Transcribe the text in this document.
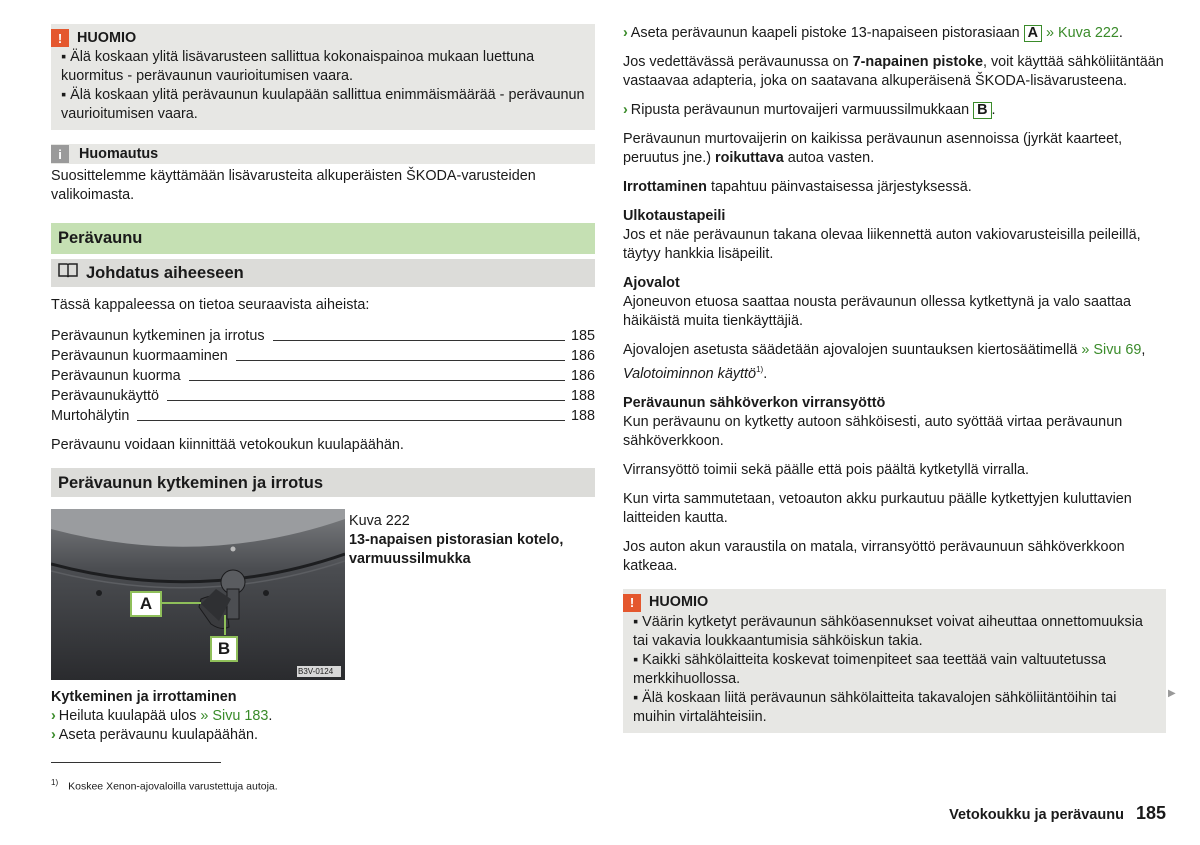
!	HUOMIO

▪ Älä koskaan ylitä lisävarusteen sallittua kokonaispainoa mukaan luettuna kuormitus - perävaunun vaurioitumisen vaara.

▪ Älä koskaan ylitä perävaunun kuulapään sallittua enimmäismäärää - perävaunun vaurioitumisen vaara.

i	Huomautus

Suosittelemme käyttämään lisävarusteita alkuperäisten ŠKODA-varusteiden valikoimasta.

Perävaunu
Johdatus aiheeseen

Tässä kappaleessa on tietoa seuraavista aiheista:

Perävaunun kytkeminen ja irrotus	185
Perävaunun kuormaaminen	186
Perävaunun kuorma	186
Perävaunukäyttö	188
Murtohälytin	188

Perävaunu voidaan kiinnittää vetokoukun kuulapäähän.

Perävaunun kytkeminen ja irrotus
A
B
B3V-0124

Kuva 222

13-napaisen pistorasian kotelo, varmuussilmukka

Kytkeminen ja irrottaminen

› Heiluta kuulapää ulos » Sivu 183.

› Aseta perävaunu kuulapäähän.

› Aseta perävaunun kaapeli pistoke 13-napaiseen pistorasiaan A » Kuva 222.

Jos vedettävässä perävaunussa on 7-napainen pistoke, voit käyttää sähköliitäntään vastaavaa adapteria, joka on saatavana alkuperäisenä ŠKODA-lisävarusteena.

› Ripusta perävaunun murtovaijeri varmuussilmukkaan B .

Perävaunun murtovaijerin on kaikissa perävaunun asennoissa (jyrkät kaarteet, peruutus jne.) roikuttava autoa vasten.

Irrottaminen tapahtuu päinvastaisessa järjestyksessä.

Ulkotaustapeili

Jos et näe perävaunun takana olevaa liikennettä auton vakiovarusteisilla peileillä, täytyy hankkia lisäpeilit.

Ajovalot

Ajoneuvon etuosa saattaa nousta perävaunun ollessa kytkettynä ja valo saattaa häikäistä muita tienkäyttäjiä.

Ajovalojen asetusta säädetään ajovalojen suuntauksen kiertosäätimellä » Sivu 69, Valotoiminnon käyttö$^{1)}$.

Perävaunun sähköverkon virransyöttö

Kun perävaunu on kytketty autoon sähköisesti, auto syöttää virtaa perävaunun sähköverkkoon.

Virransyöttö toimii sekä päälle että pois päältä kytketyllä virralla.

Kun virta sammutetaan, vetoauton akku purkautuu päälle kytkettyjen kuluttavien laitteiden kautta.

Jos auton akun varaustila on matala, virransyöttö perävaunuun sähköverkkoon katkeaa.

!	HUOMIO

▪ Väärin kytketyt perävaunun sähköasennukset voivat aiheuttaa onnettomuuksia tai vakavia loukkaantumisia sähköiskun takia.

▪ Kaikki sähkölaitteita koskevat toimenpiteet saa teettää vain valtuutetussa merkkihuollossa.

▪ Älä koskaan liitä perävaunun sähkölaitteita takavalojen sähköliitäntöihin tai muihin virtalähteisiin.

▶
$^{1)}$ Koskee Xenon-ajovaloilla varustettuja autoja.
Vetokoukku ja perävaunu 185
